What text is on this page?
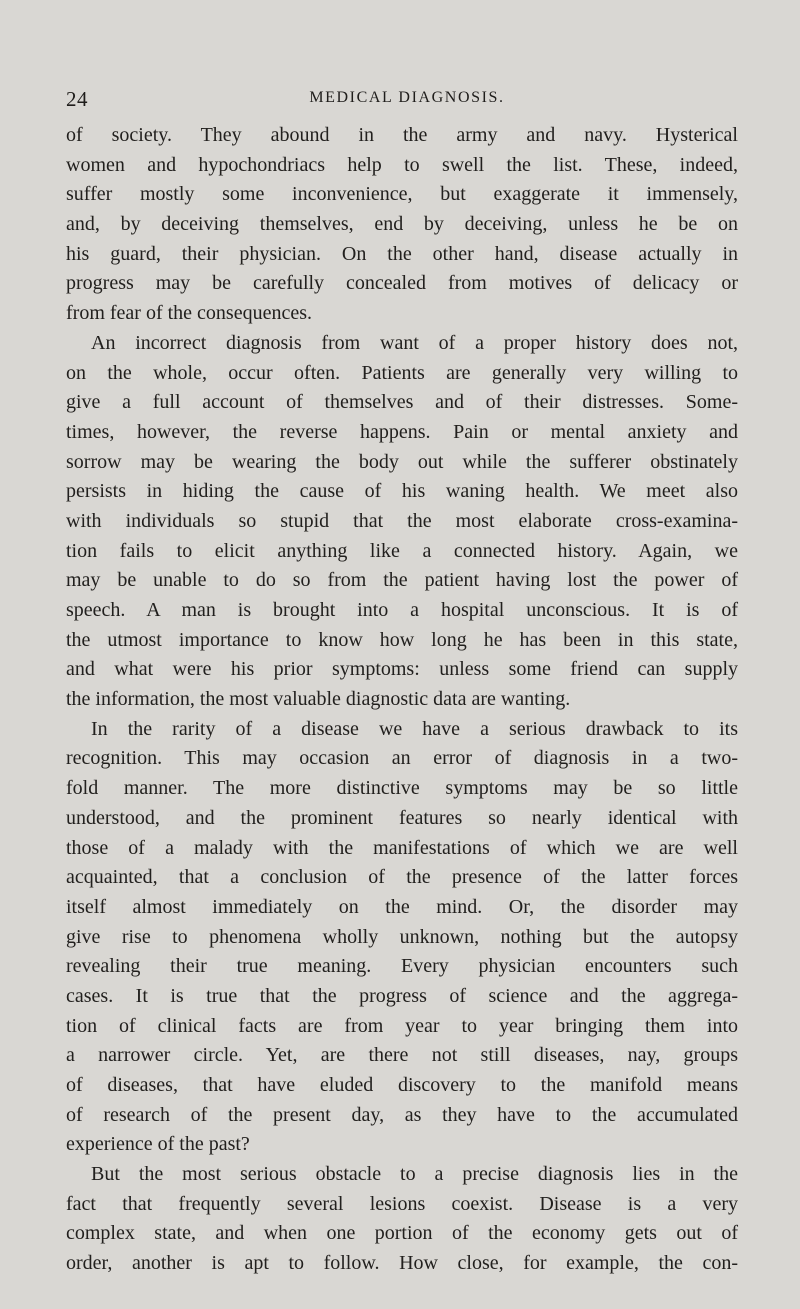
24	MEDICAL DIAGNOSIS.
of society. They abound in the army and navy. Hysterical
women and hypochondriacs help to swell the list. These, indeed,
suffer mostly some inconvenience, but exaggerate it immensely,
and, by deceiving themselves, end by deceiving, unless he be on
his guard, their physician. On the other hand, disease actually in
progress may be carefully concealed from motives of delicacy or
from fear of the consequences.
An incorrect diagnosis from want of a proper history does not,
on the whole, occur often. Patients are generally very willing to
give a full account of themselves and of their distresses. Some-
times, however, the reverse happens. Pain or mental anxiety and
sorrow may be wearing the body out while the sufferer obstinately
persists in hiding the cause of his waning health. We meet also
with individuals so stupid that the most elaborate cross-examina-
tion fails to elicit anything like a connected history. Again, we
may be unable to do so from the patient having lost the power of
speech. A man is brought into a hospital unconscious. It is of
the utmost importance to know how long he has been in this state,
and what were his prior symptoms: unless some friend can supply
the information, the most valuable diagnostic data are wanting.
In the rarity of a disease we have a serious drawback to its
recognition. This may occasion an error of diagnosis in a two-
fold manner. The more distinctive symptoms may be so little
understood, and the prominent features so nearly identical with
those of a malady with the manifestations of which we are well
acquainted, that a conclusion of the presence of the latter forces
itself almost immediately on the mind. Or, the disorder may
give rise to phenomena wholly unknown, nothing but the autopsy
revealing their true meaning. Every physician encounters such
cases. It is true that the progress of science and the aggrega-
tion of clinical facts are from year to year bringing them into
a narrower circle. Yet, are there not still diseases, nay, groups
of diseases, that have eluded discovery to the manifold means
of research of the present day, as they have to the accumulated
experience of the past?
But the most serious obstacle to a precise diagnosis lies in the
fact that frequently several lesions coexist. Disease is a very
complex state, and when one portion of the economy gets out of
order, another is apt to follow. How close, for example, the con-
